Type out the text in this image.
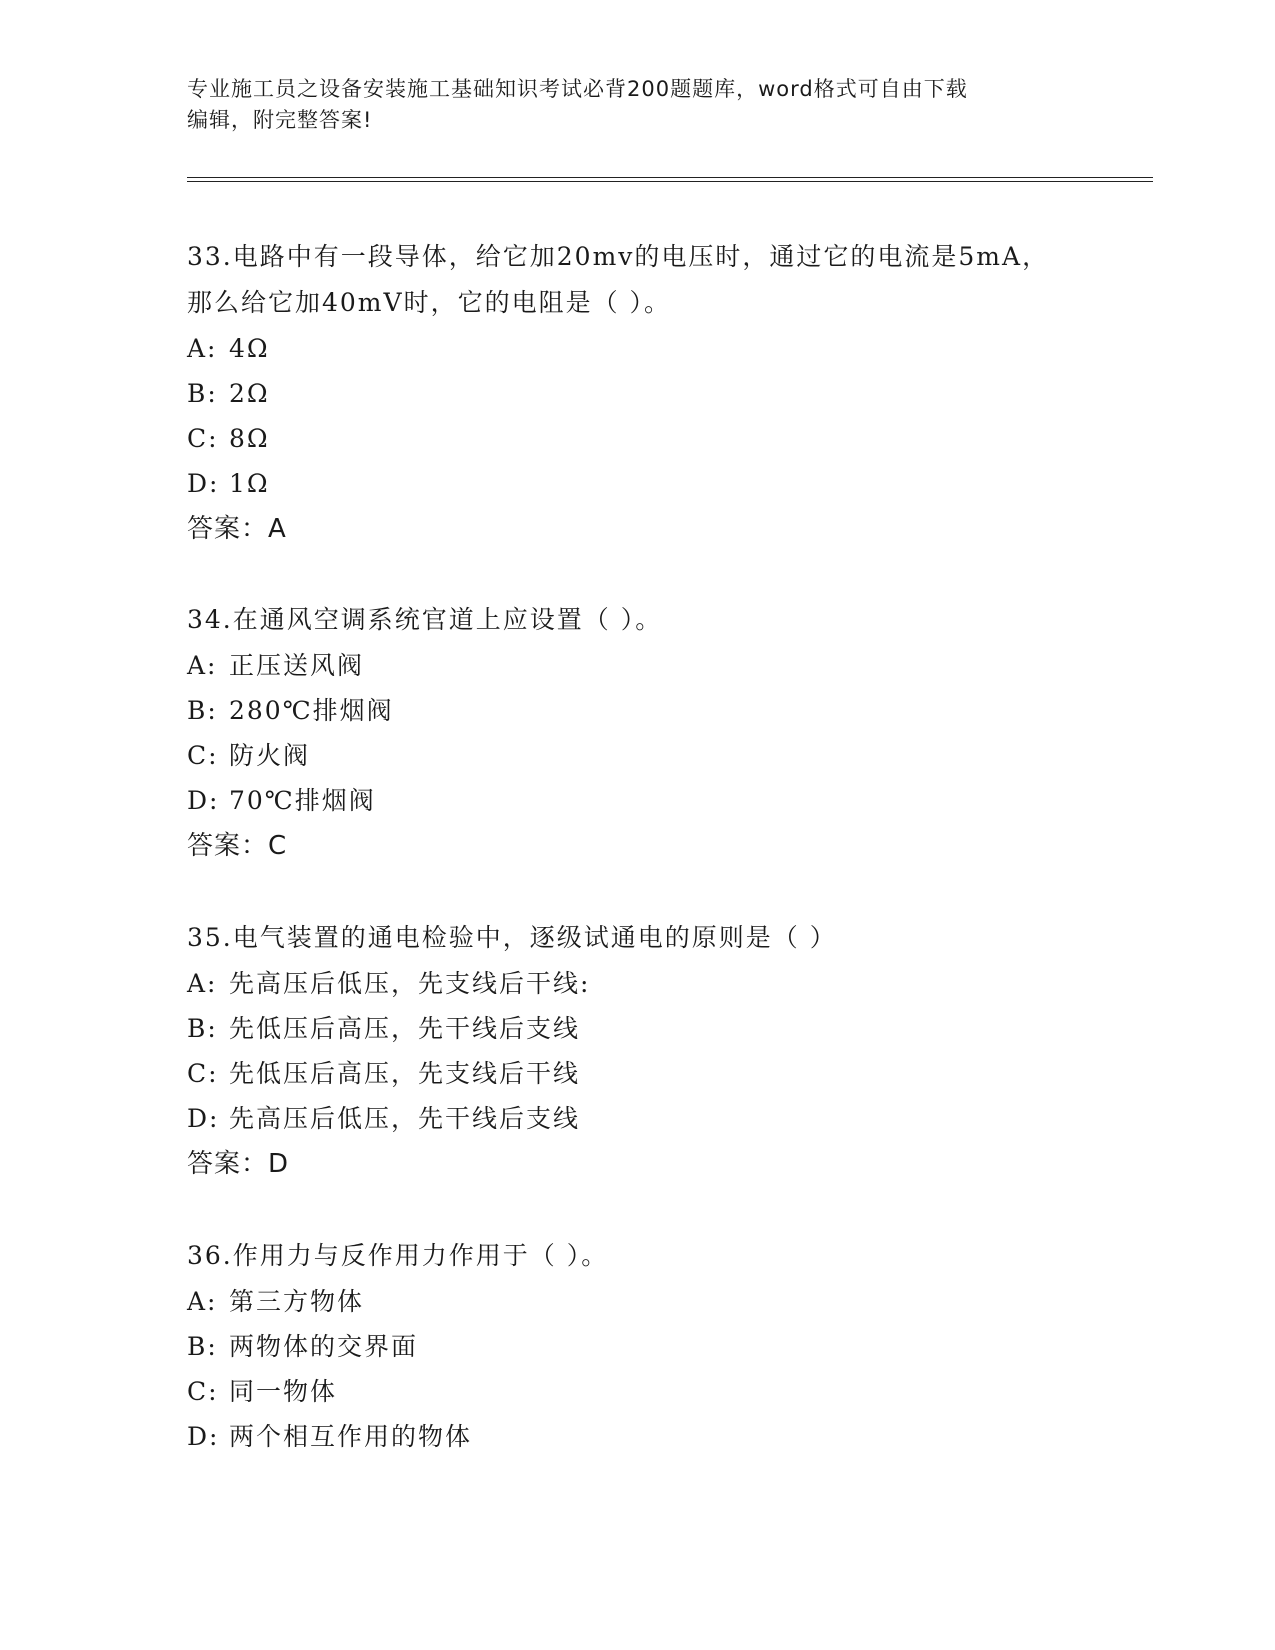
专业施工员之设备安装施工基础知识考试必背200题题库，word格式可自由下载
编辑，附完整答案!

33.电路中有一段导体，给它加20mv的电压时，通过它的电流是5mA，
那么给它加40mV时，它的电阻是（ ）。

A: 4Ω

B: 2Ω

C: 8Ω

D: 1Ω

答案：A

34.在通风空调系统官道上应设置（ ）。

A: 正压送风阀

B: 280℃排烟阀

C: 防火阀

D: 70℃排烟阀

答案：C

35.电气装置的通电检验中，逐级试通电的原则是（ ）

A: 先高压后低压，先支线后干线:

B: 先低压后高压，先干线后支线

C: 先低压后高压，先支线后干线

D: 先高压后低压，先干线后支线

答案：D

36.作用力与反作用力作用于（ ）。

A: 第三方物体

B: 两物体的交界面

C: 同一物体

D: 两个相互作用的物体
